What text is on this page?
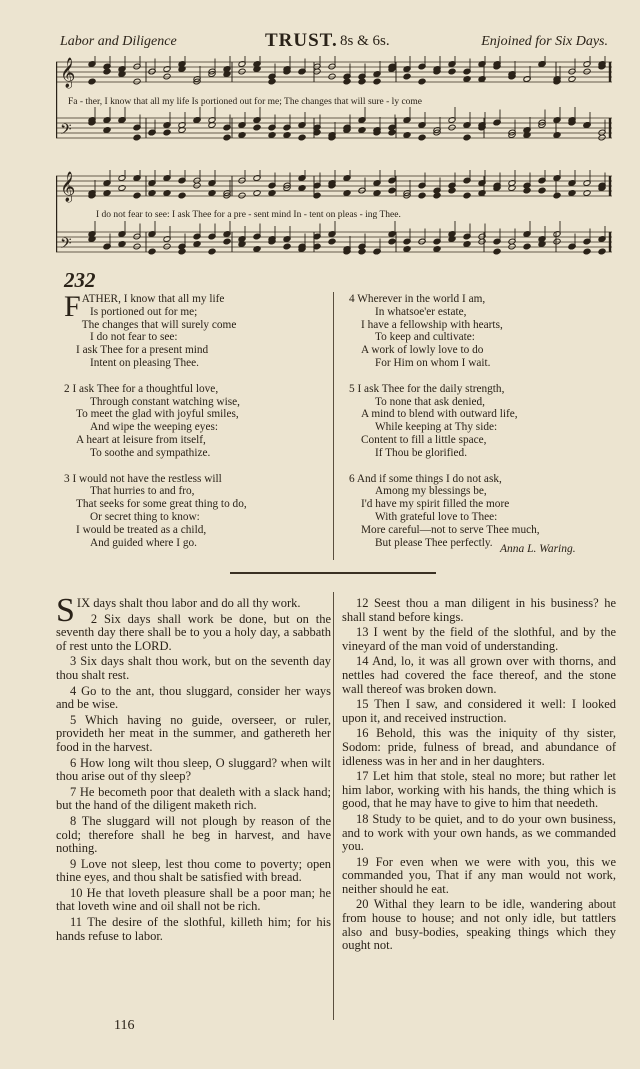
Labor and Diligence	TRUST. 8s & 6s.	Enjoined for Six Days.
𝄞
𝄢
Fa - ther, I know that all my life Is portioned out for me; The changes that will sure - ly come
𝄞
𝄢
I do not fear to see: I ask Thee for a pre - sent mind In - tent on pleas - ing Thee.
232
FATHER, I know that all my life
Is portioned out for me;
The changes that will surely come
I do not fear to see:
I ask Thee for a present mind
Intent on pleasing Thee.
2 I ask Thee for a thoughtful love,
Through constant watching wise,
To meet the glad with joyful smiles,
And wipe the weeping eyes:
A heart at leisure from itself,
To soothe and sympathize.
3 I would not have the restless will
That hurries to and fro,
That seeks for some great thing to do,
Or secret thing to know:
I would be treated as a child,
And guided where I go.
4 Wherever in the world I am,
In whatsoe'er estate,
I have a fellowship with hearts,
To keep and cultivate:
A work of lowly love to do
For Him on whom I wait.
5 I ask Thee for the daily strength,
To none that ask denied,
A mind to blend with outward life,
While keeping at Thy side:
Content to fill a little space,
If Thou be glorified.
6 And if some things I do not ask,
Among my blessings be,
I'd have my spirit filled the more
With grateful love to Thee:
More careful—not to serve Thee much,
But please Thee perfectly.
Anna L. Waring.

SIX days shalt thou labor and do all thy work.

2 Six days shall work be done, but on the seventh day there shall be to you a holy day, a sabbath of rest unto the LORD.

3 Six days shalt thou work, but on the seventh day thou shalt rest.

4 Go to the ant, thou sluggard, consider her ways and be wise.

5 Which having no guide, overseer, or ruler, provideth her meat in the summer, and gathereth her food in the harvest.

6 How long wilt thou sleep, O sluggard? when wilt thou arise out of thy sleep?

7 He becometh poor that dealeth with a slack hand; but the hand of the diligent maketh rich.

8 The sluggard will not plough by reason of the cold; therefore shall he beg in harvest, and have nothing.

9 Love not sleep, lest thou come to poverty; open thine eyes, and thou shalt be satisfied with bread.

10 He that loveth pleasure shall be a poor man; he that loveth wine and oil shall not be rich.

11 The desire of the slothful, killeth him; for his hands refuse to labor.

12 Seest thou a man diligent in his business? he shall stand before kings.

13 I went by the field of the slothful, and by the vineyard of the man void of understanding.

14 And, lo, it was all grown over with thorns, and nettles had covered the face thereof, and the stone wall thereof was broken down.

15 Then I saw, and considered it well: I looked upon it, and received instruction.

16 Behold, this was the iniquity of thy sister, Sodom: pride, fulness of bread, and abundance of idleness was in her and in her daughters.

17 Let him that stole, steal no more; but rather let him labor, working with his hands, the thing which is good, that he may have to give to him that needeth.

18 Study to be quiet, and to do your own business, and to work with your own hands, as we commanded you.

19 For even when we were with you, this we commanded you, That if any man would not work, neither should he eat.

20 Withal they learn to be idle, wandering about from house to house; and not only idle, but tattlers also and busy-bodies, speaking things which they ought not.

116
